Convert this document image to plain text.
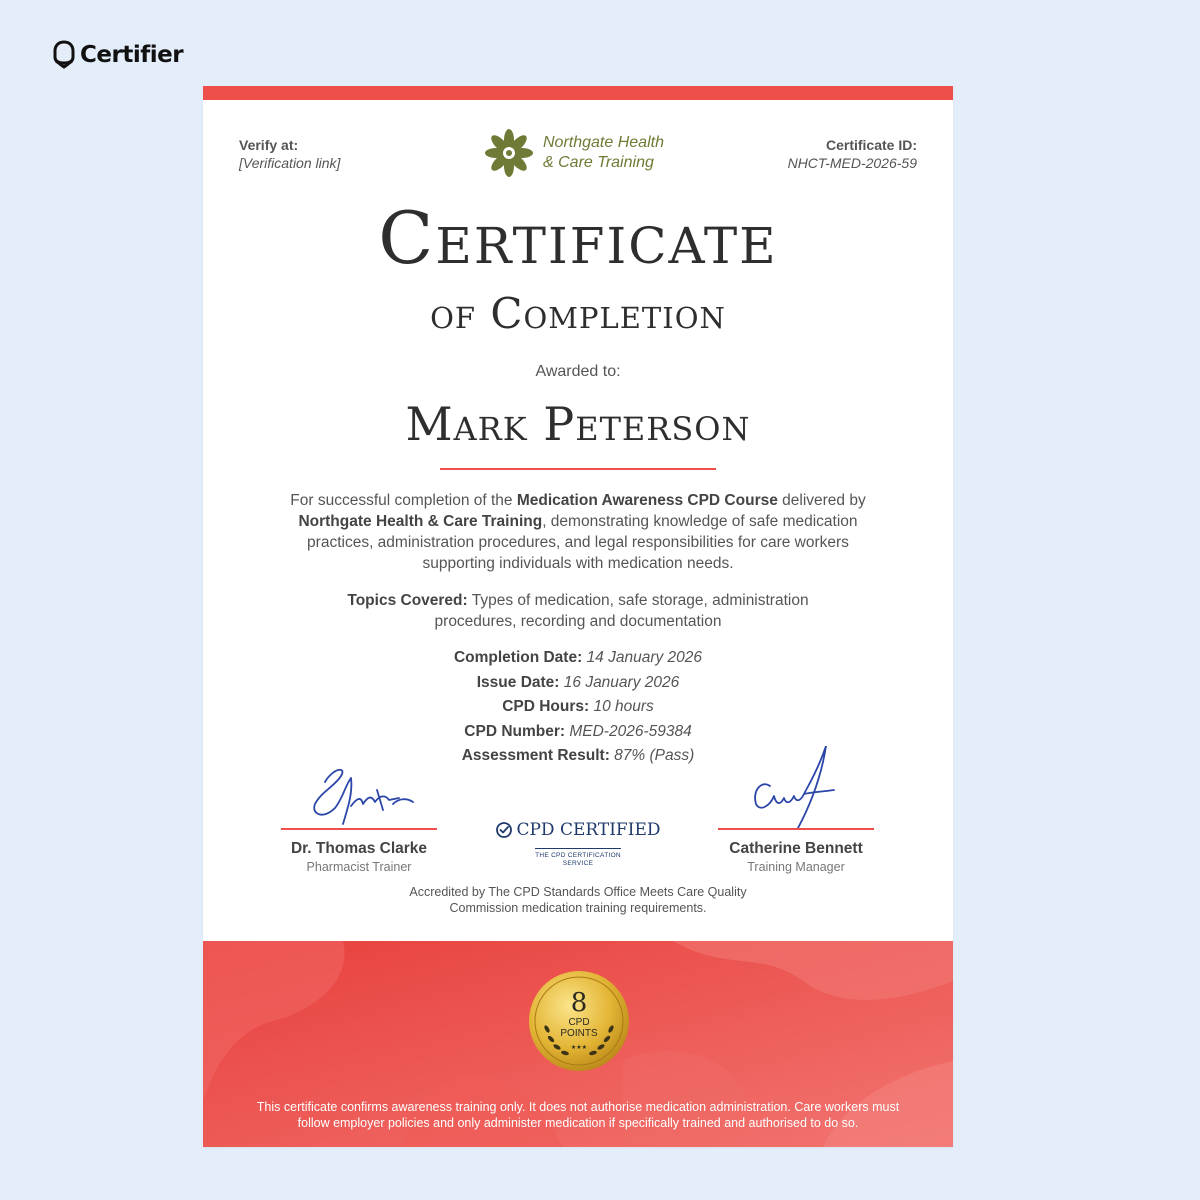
Certifier
Verify at:
[Verification link]
Northgate Health
& Care Training
Certificate ID:
NHCT-MED-2026-59
Certificate
of Completion
Awarded to:
Mark Peterson
For successful completion of the Medication Awareness CPD Course delivered by Northgate Health & Care Training, demonstrating knowledge of safe medication practices, administration procedures, and legal responsibilities for care workers supporting individuals with medication needs.
Topics Covered: Types of medication, safe storage, administration procedures, recording and documentation
Completion Date: 14 January 2026
Issue Date: 16 January 2026
CPD Hours: 10 hours
CPD Number: MED-2026-59384
Assessment Result: 87% (Pass)
Dr. Thomas Clarke
Pharmacist Trainer
CPD CERTIFIED
THE CPD CERTIFICATION
SERVICE
Catherine Bennett
Training Manager
Accredited by The CPD Standards Office Meets Care Quality Commission medication training requirements.
8
CPD
POINTS
★★★
This certificate confirms awareness training only. It does not authorise medication administration. Care workers must follow employer policies and only administer medication if specifically trained and authorised to do so.
